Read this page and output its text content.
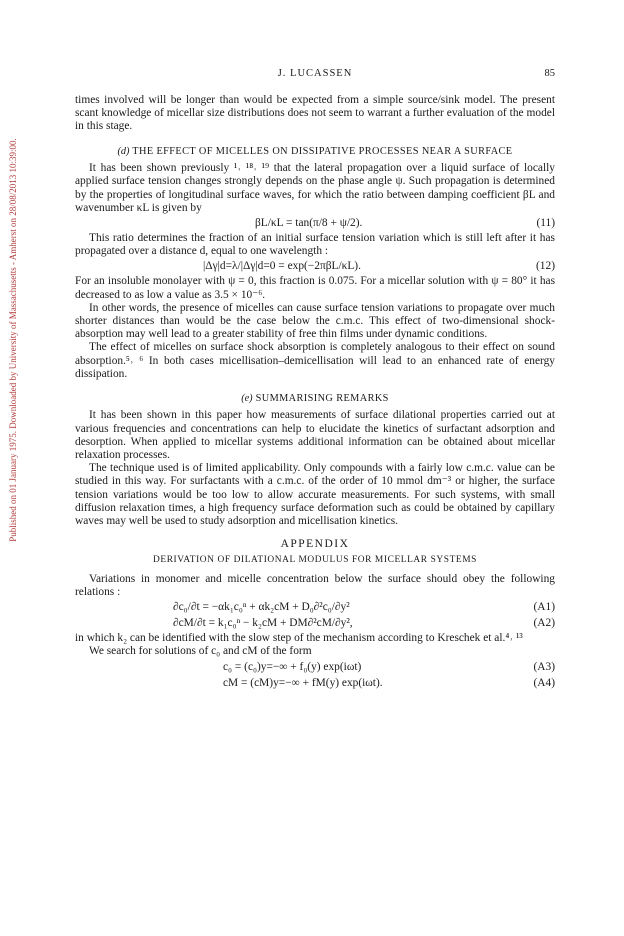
Published on 01 January 1975. Downloaded by University of Massachusetts - Amherst on 28/08/2013 10:39:00.
J. LUCASSEN	85

times involved will be longer than would be expected from a simple source/sink model. The present scant knowledge of micellar size distributions does not seem to warrant a further evaluation of the model in this stage.

(d) THE EFFECT OF MICELLES ON DISSIPATIVE PROCESSES NEAR A SURFACE

It has been shown previously ¹˒ ¹⁸˒ ¹⁹ that the lateral propagation over a liquid surface of locally applied surface tension changes strongly depends on the phase angle ψ. Such propagation is determined by the properties of longitudinal surface waves, for which the ratio between damping coefficient βL and wavenumber κL is given by

βL/κL = tan(π/8 + ψ/2).	(11)

This ratio determines the fraction of an initial surface tension variation which is still left after it has propagated over a distance d, equal to one wavelength :

|Δγ|d=λ/|Δγ|d=0 = exp(−2πβL/κL).	(12)

For an insoluble monolayer with ψ = 0, this fraction is 0.075. For a micellar solution with ψ = 80° it has decreased to as low a value as 3.5 × 10⁻⁶.

In other words, the presence of micelles can cause surface tension variations to propagate over much shorter distances than would be the case below the c.m.c. This effect of two-dimensional shock-absorption may well lead to a greater stability of free thin films under dynamic conditions.

The effect of micelles on surface shock absorption is completely analogous to their effect on sound absorption.⁵˒ ⁶ In both cases micellisation–demicellisation will lead to an enhanced rate of energy dissipation.

(e) SUMMARISING REMARKS

It has been shown in this paper how measurements of surface dilational properties carried out at various frequencies and concentrations can help to elucidate the kinetics of surfactant adsorption and desorption. When applied to micellar systems additional information can be obtained about micellar relaxation processes.

The technique used is of limited applicability. Only compounds with a fairly low c.m.c. value can be studied in this way. For surfactants with a c.m.c. of the order of 10 mmol dm⁻³ or higher, the surface tension variations would be too low to allow accurate measurements. For such systems, with small diffusion relaxation times, a high frequency surface deformation such as could be obtained by capillary waves may well be used to study adsorption and micellisation kinetics.

APPENDIX
DERIVATION OF DILATIONAL MODULUS FOR MICELLAR SYSTEMS

Variations in monomer and micelle concentration below the surface should obey the following relations :

∂c₀/∂t = −αk₁c₀ⁿ + αk₂cM + D₀∂²c₀/∂y²	(A1)
∂cM/∂t = k₁c₀ⁿ − k₂cM + DM∂²cM/∂y²,	(A2)

in which k₂ can be identified with the slow step of the mechanism according to Kreschek et al.⁴˒ ¹³

We search for solutions of c₀ and cM of the form

c₀ = (c₀)y=−∞ + f₀(y) exp(iωt)	(A3)
cM = (cM)y=−∞ + fM(y) exp(iωt).	(A4)
